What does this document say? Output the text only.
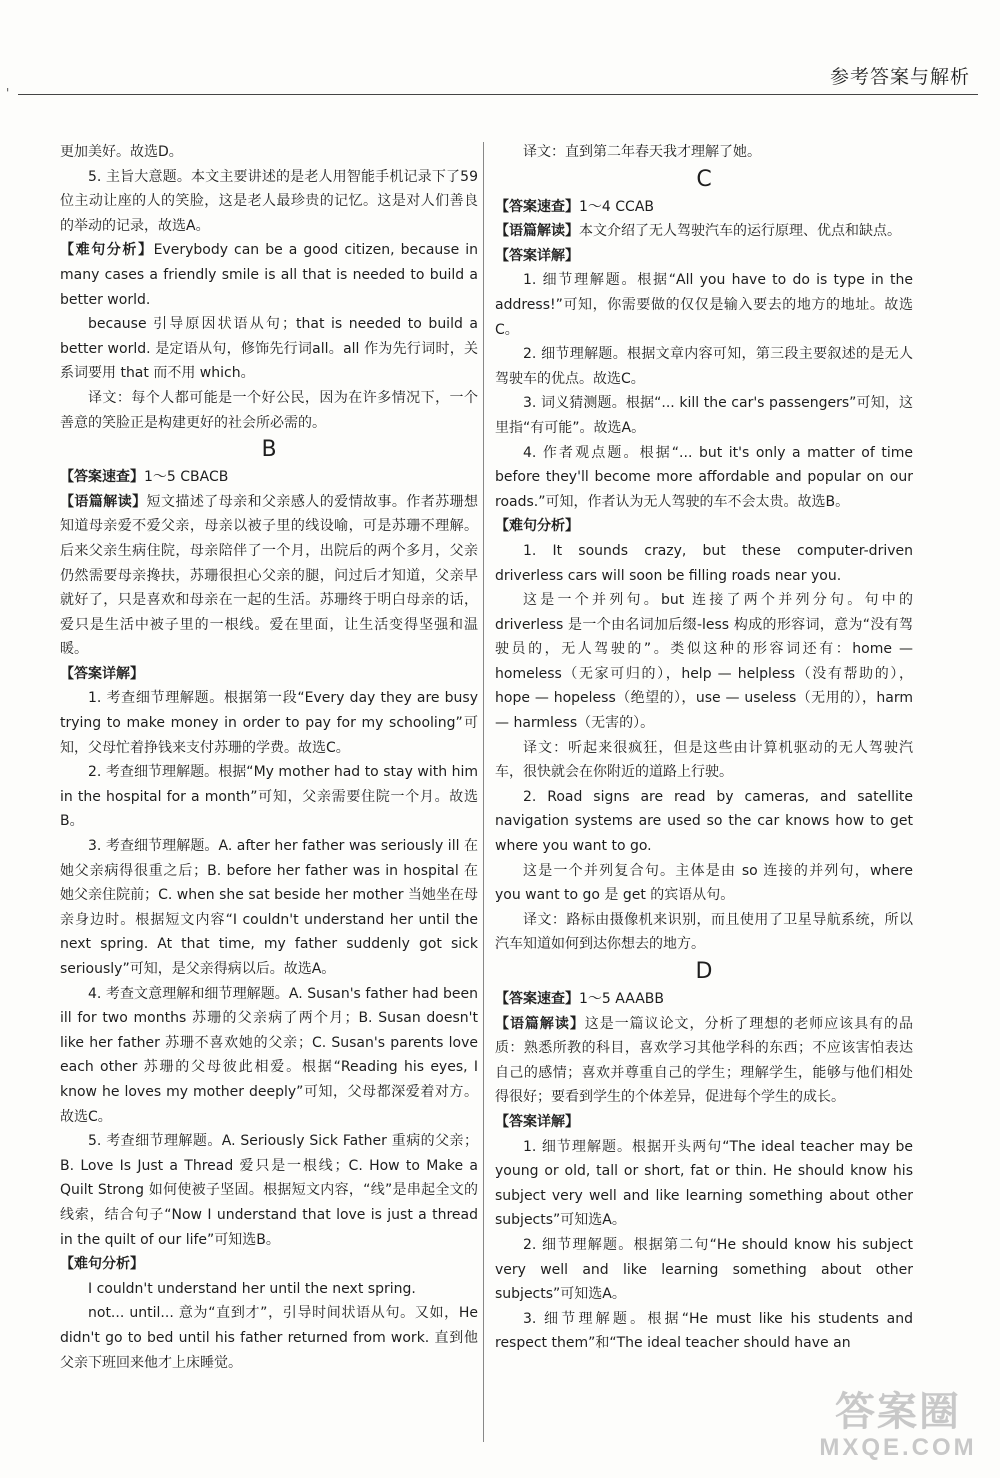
'
参考答案与解析

更加美好。故选D。

5. 主旨大意题。本文主要讲述的是老人用智能手机记录下了59位主动让座的人的笑脸，这是老人最珍贵的记忆。这是对人们善良的举动的记录，故选A。

【难句分析】Everybody can be a good citizen, because in many cases a friendly smile is all that is needed to build a better world.

because 引导原因状语从句；that is needed to build a better world. 是定语从句，修饰先行词all。all 作为先行词时，关系词要用 that 而不用 which。

译文：每个人都可能是一个好公民，因为在许多情况下，一个善意的笑脸正是构建更好的社会所必需的。

B

【答案速查】1～5 CBACB

【语篇解读】短文描述了母亲和父亲感人的爱情故事。作者苏珊想知道母亲爱不爱父亲，母亲以被子里的线设喻，可是苏珊不理解。后来父亲生病住院，母亲陪伴了一个月，出院后的两个多月，父亲仍然需要母亲搀扶，苏珊很担心父亲的腿，问过后才知道，父亲早就好了，只是喜欢和母亲在一起的生活。苏珊终于明白母亲的话，爱只是生活中被子里的一根线。爱在里面，让生活变得坚强和温暖。

【答案详解】

1. 考查细节理解题。根据第一段“Every day they are busy trying to make money in order to pay for my schooling”可知，父母忙着挣钱来支付苏珊的学费。故选C。

2. 考查细节理解题。根据“My mother had to stay with him in the hospital for a month”可知，父亲需要住院一个月。故选B。

3. 考查细节理解题。A. after her father was seriously ill 在她父亲病得很重之后；B. before her father was in hospital 在她父亲住院前；C. when she sat beside her mother 当她坐在母亲身边时。根据短文内容“I couldn't understand her until the next spring. At that time, my father suddenly got sick seriously”可知，是父亲得病以后。故选A。

4. 考查文意理解和细节理解题。A. Susan's father had been ill for two months 苏珊的父亲病了两个月；B. Susan doesn't like her father 苏珊不喜欢她的父亲；C. Susan's parents love each other 苏珊的父母彼此相爱。根据“Reading his eyes, I know he loves my mother deeply”可知，父母都深爱着对方。故选C。

5. 考查细节理解题。A. Seriously Sick Father 重病的父亲；B. Love Is Just a Thread 爱只是一根线；C. How to Make a Quilt Strong 如何使被子坚固。根据短文内容，“线”是串起全文的线索，结合句子“Now I understand that love is just a thread in the quilt of our life”可知选B。

【难句分析】

I couldn't understand her until the next spring.

not... until... 意为“直到才”，引导时间状语从句。又如，He didn't go to bed until his father returned from work. 直到他父亲下班回来他才上床睡觉。

译文：直到第二年春天我才理解了她。

C

【答案速查】1～4 CCAB

【语篇解读】本文介绍了无人驾驶汽车的运行原理、优点和缺点。

【答案详解】

1. 细节理解题。根据“All you have to do is type in the address!”可知，你需要做的仅仅是输入要去的地方的地址。故选C。

2. 细节理解题。根据文章内容可知，第三段主要叙述的是无人驾驶车的优点。故选C。

3. 词义猜测题。根据“... kill the car's passengers”可知，这里指“有可能”。故选A。

4. 作者观点题。根据“... but it's only a matter of time before they'll become more affordable and popular on our roads.”可知，作者认为无人驾驶的车不会太贵。故选B。

【难句分析】

1. It sounds crazy, but these computer-driven driverless cars will soon be filling roads near you.

这是一个并列句。but 连接了两个并列分句。句中的 driverless 是一个由名词加后缀-less 构成的形容词，意为“没有驾驶员的，无人驾驶的”。类似这种的形容词还有：home — homeless（无家可归的），help — helpless（没有帮助的），hope — hopeless（绝望的），use — useless（无用的），harm — harmless（无害的）。

译文：听起来很疯狂，但是这些由计算机驱动的无人驾驶汽车，很快就会在你附近的道路上行驶。

2. Road signs are read by cameras, and satellite navigation systems are used so the car knows how to get where you want to go.

这是一个并列复合句。主体是由 so 连接的并列句，where you want to go 是 get 的宾语从句。

译文：路标由摄像机来识别，而且使用了卫星导航系统，所以汽车知道如何到达你想去的地方。

D

【答案速查】1～5 AAABB

【语篇解读】这是一篇议论文，分析了理想的老师应该具有的品质：熟悉所教的科目，喜欢学习其他学科的东西；不应该害怕表达自己的感情；喜欢并尊重自己的学生；理解学生，能够与他们相处得很好；要看到学生的个体差异，促进每个学生的成长。

【答案详解】

1. 细节理解题。根据开头两句“The ideal teacher may be young or old, tall or short, fat or thin. He should know his subject very well and like learning something about other subjects”可知选A。

2. 细节理解题。根据第二句“He should know his subject very well and like learning something about other subjects”可知选A。

3. 细节理解题。根据“He must like his students and respect them”和“The ideal teacher should have an

答案圈
MXQE.COM
